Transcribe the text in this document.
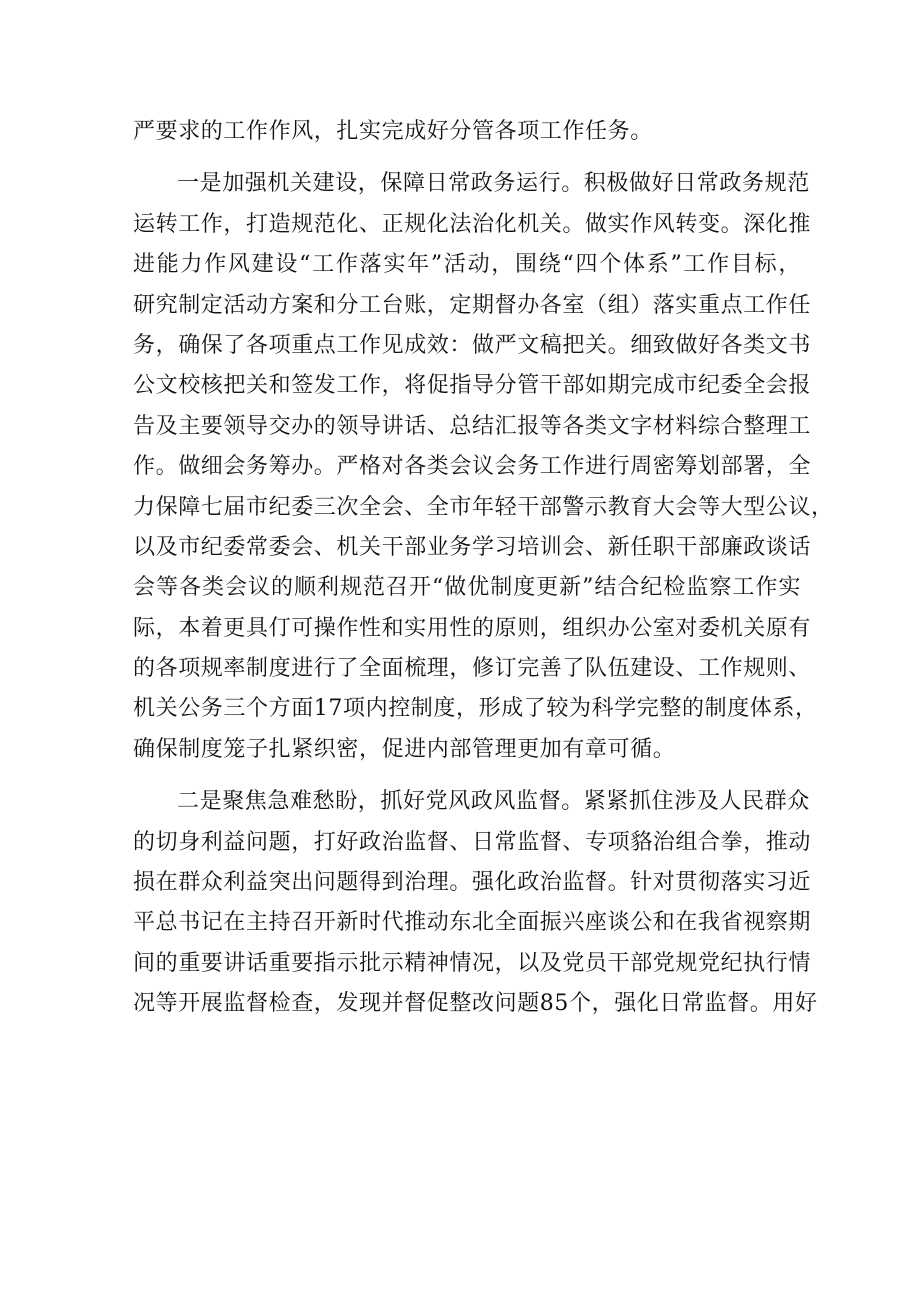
严要求的工作作风，扎实完成好分管各项工作任务。
一是加强机关建设，保障日常政务运行。积极做好日常政务规范
运转工作，打造规范化、正规化法治化机关。做实作风转变。深化推
进能力作风建设“工作落实年”活动，围绕“四个体系”工作目标，
研究制定活动方案和分工台账，定期督办各室（组）落实重点工作任
务，确保了各项重点工作见成效：做严文稿把关。细致做好各类文书
公文校核把关和签发工作，将促指导分管干部如期完成市纪委全会报
告及主要领导交办的领导讲话、总结汇报等各类文字材料综合整理工
作。做细会务筹办。严格对各类会议会务工作进行周密筹划部署，全
力保障七届市纪委三次全会、全市年轻干部警示教育大会等大型公议，
以及市纪委常委会、机关干部业务学习培训会、新任职干部廉政谈话
会等各类会议的顺利规范召开“做优制度更新”结合纪检监察工作实
际，本着更具仃可操作性和实用性的原则，组织办公室对委机关原有
的各项规率制度进行了全面梳理，修订完善了队伍建设、工作规则、
机关公务三个方面17项内控制度，形成了较为科学完整的制度体系，
确保制度笼子扎紧织密，促进内部管理更加有章可循。
二是聚焦急难愁盼，抓好党风政风监督。紧紧抓住涉及人民群众
的切身利益问题，打好政治监督、日常监督、专项貉治组合拳，推动
损在群众利益突出问题得到治理。强化政治监督。针对贯彻落实习近
平总书记在主持召开新时代推动东北全面振兴座谈公和在我省视察期
间的重要讲话重要指示批示精神情况，以及党员干部党规党纪执行情
况等开展监督检查，发现并督促整改问题85个，强化日常监督。用好
